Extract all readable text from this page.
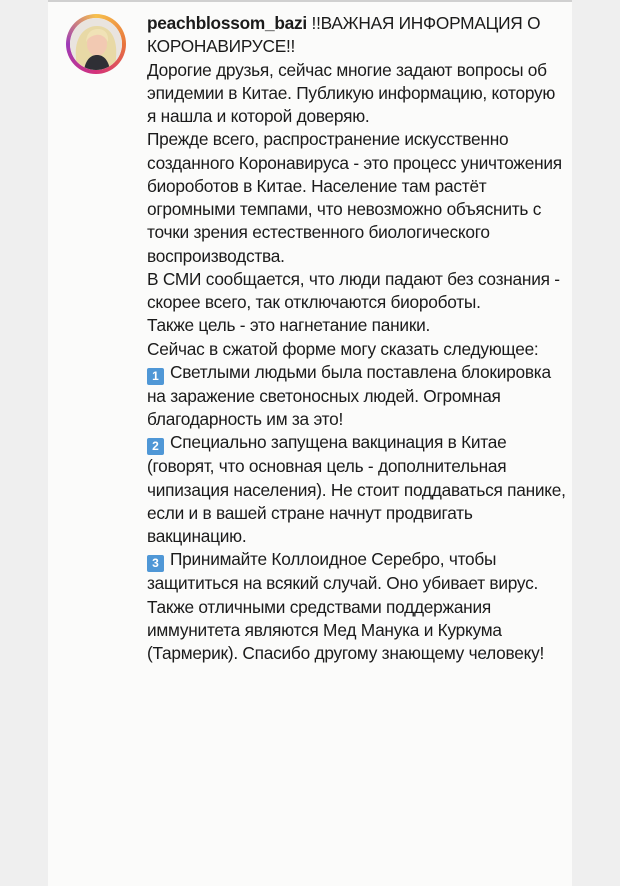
peachblossom_bazi !!ВАЖНАЯ ИНФОРМАЦИЯ О КОРОНАВИРУСЕ!!

Дорогие друзья, сейчас многие задают вопросы об эпидемии в Китае. Публикую информацию, которую я нашла и которой доверяю.

Прежде всего, распространение искусственно созданного Коронавируса - это процесс уничтожения биороботов в Китае. Население там растёт огромными темпами, что невозможно объяснить с точки зрения естественного биологического воспроизводства.

В СМИ сообщается, что люди падают без сознания - скорее всего, так отключаются биороботы.

Также цель - это нагнетание паники.

Сейчас в сжатой форме могу сказать следующее:

1 Светлыми людьми была поставлена блокировка на заражение светоносных людей. Огромная благодарность им за это!

2 Специально запущена вакцинация в Китае (говорят, что основная цель - дополнительная чипизация населения). Не стоит поддаваться панике, если и в вашей стране начнут продвигать вакцинацию.

3 Принимайте Коллоидное Серебро, чтобы защититься на всякий случай. Оно убивает вирус. Также отличными средствами поддержания иммунитета являются Мед Манука и Куркума (Тармерик). Спасибо другому знающему человеку!
